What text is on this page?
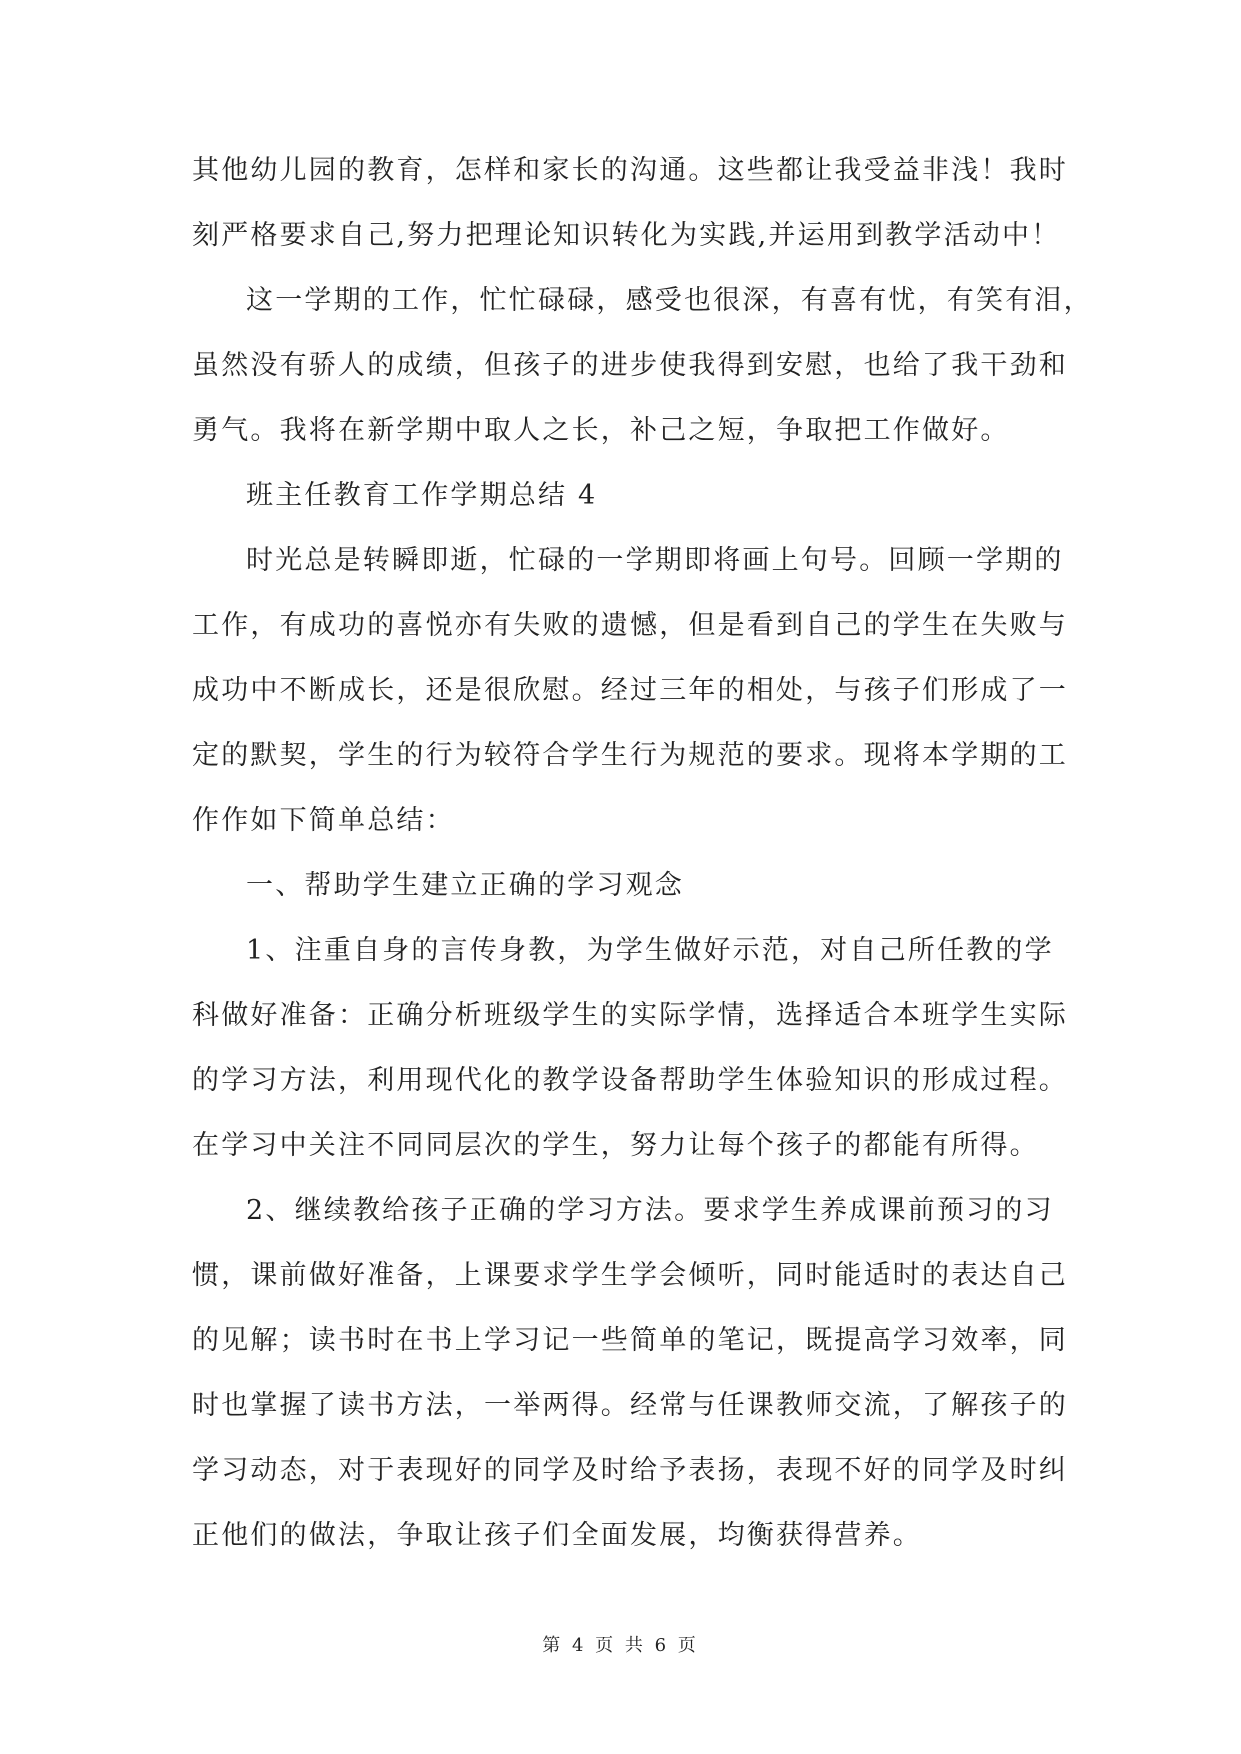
其他幼儿园的教育，怎样和家长的沟通。这些都让我受益非浅！我时
刻严格要求自己,努力把理论知识转化为实践,并运用到教学活动中！
这一学期的工作，忙忙碌碌，感受也很深，有喜有忧，有笑有泪，
虽然没有骄人的成绩，但孩子的进步使我得到安慰，也给了我干劲和
勇气。我将在新学期中取人之长，补己之短，争取把工作做好。
班主任教育工作学期总结 4
时光总是转瞬即逝，忙碌的一学期即将画上句号。回顾一学期的
工作，有成功的喜悦亦有失败的遗憾，但是看到自己的学生在失败与
成功中不断成长，还是很欣慰。经过三年的相处，与孩子们形成了一
定的默契，学生的行为较符合学生行为规范的要求。现将本学期的工
作作如下简单总结：
一、帮助学生建立正确的学习观念
1、注重自身的言传身教，为学生做好示范，对自己所任教的学
科做好准备：正确分析班级学生的实际学情，选择适合本班学生实际
的学习方法，利用现代化的教学设备帮助学生体验知识的形成过程。
在学习中关注不同同层次的学生，努力让每个孩子的都能有所得。
2、继续教给孩子正确的学习方法。要求学生养成课前预习的习
惯，课前做好准备，上课要求学生学会倾听，同时能适时的表达自己
的见解；读书时在书上学习记一些简单的笔记，既提高学习效率，同
时也掌握了读书方法，一举两得。经常与任课教师交流，了解孩子的
学习动态，对于表现好的同学及时给予表扬，表现不好的同学及时纠
正他们的做法，争取让孩子们全面发展，均衡获得营养。
第 4 页 共 6 页
